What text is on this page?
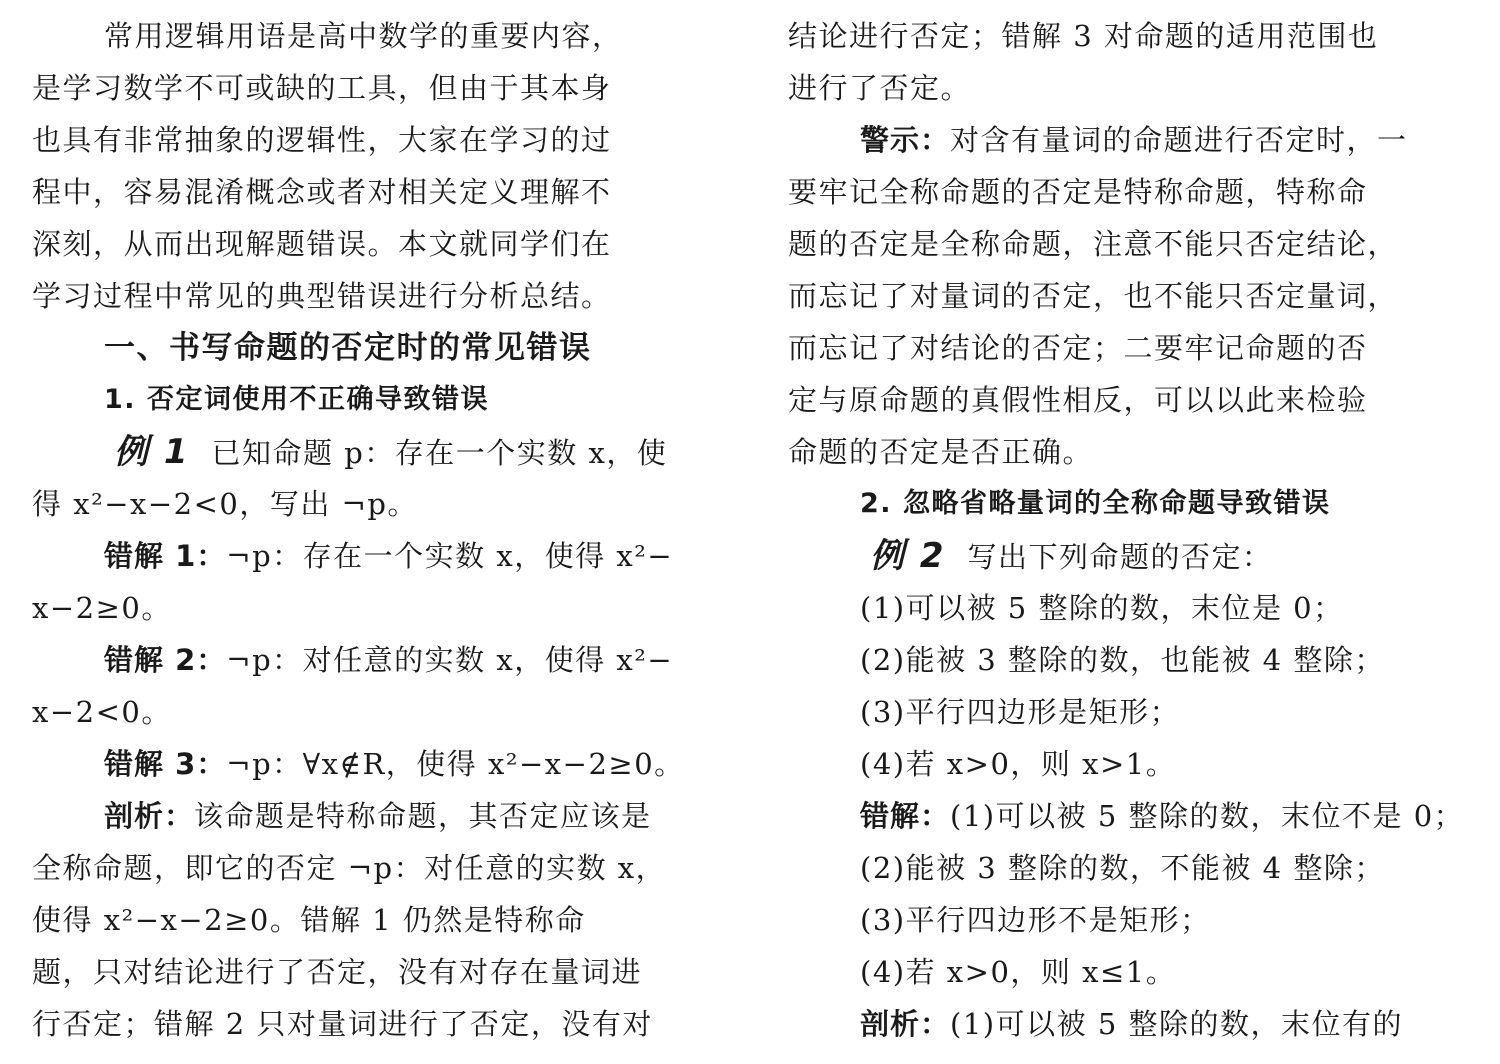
常用逻辑用语是高中数学的重要内容，
是学习数学不可或缺的工具，但由于其本身
也具有非常抽象的逻辑性，大家在学习的过
程中，容易混淆概念或者对相关定义理解不
深刻，从而出现解题错误。本文就同学们在
学习过程中常见的典型错误进行分析总结。
一、书写命题的否定时的常见错误
1. 否定词使用不正确导致错误
例 1 已知命题 p：存在一个实数 x，使
得 x²−x−2<0，写出 ¬p。
错解 1：¬p：存在一个实数 x，使得 x²−
x−2≥0。
错解 2：¬p：对任意的实数 x，使得 x²−
x−2<0。
错解 3：¬p：∀x∉R，使得 x²−x−2≥0。
剖析：该命题是特称命题，其否定应该是
全称命题，即它的否定 ¬p：对任意的实数 x，
使得 x²−x−2≥0。错解 1 仍然是特称命
题，只对结论进行了否定，没有对存在量词进
行否定；错解 2 只对量词进行了否定，没有对
结论进行否定；错解 3 对命题的适用范围也
进行了否定。
警示：对含有量词的命题进行否定时，一
要牢记全称命题的否定是特称命题，特称命
题的否定是全称命题，注意不能只否定结论，
而忘记了对量词的否定，也不能只否定量词，
而忘记了对结论的否定；二要牢记命题的否
定与原命题的真假性相反，可以以此来检验
命题的否定是否正确。
2. 忽略省略量词的全称命题导致错误
例 2 写出下列命题的否定：
(1)可以被 5 整除的数，末位是 0；
(2)能被 3 整除的数，也能被 4 整除；
(3)平行四边形是矩形；
(4)若 x>0，则 x>1。
错解：(1)可以被 5 整除的数，末位不是 0；
(2)能被 3 整除的数，不能被 4 整除；
(3)平行四边形不是矩形；
(4)若 x>0，则 x≤1。
剖析：(1)可以被 5 整除的数，末位有的
